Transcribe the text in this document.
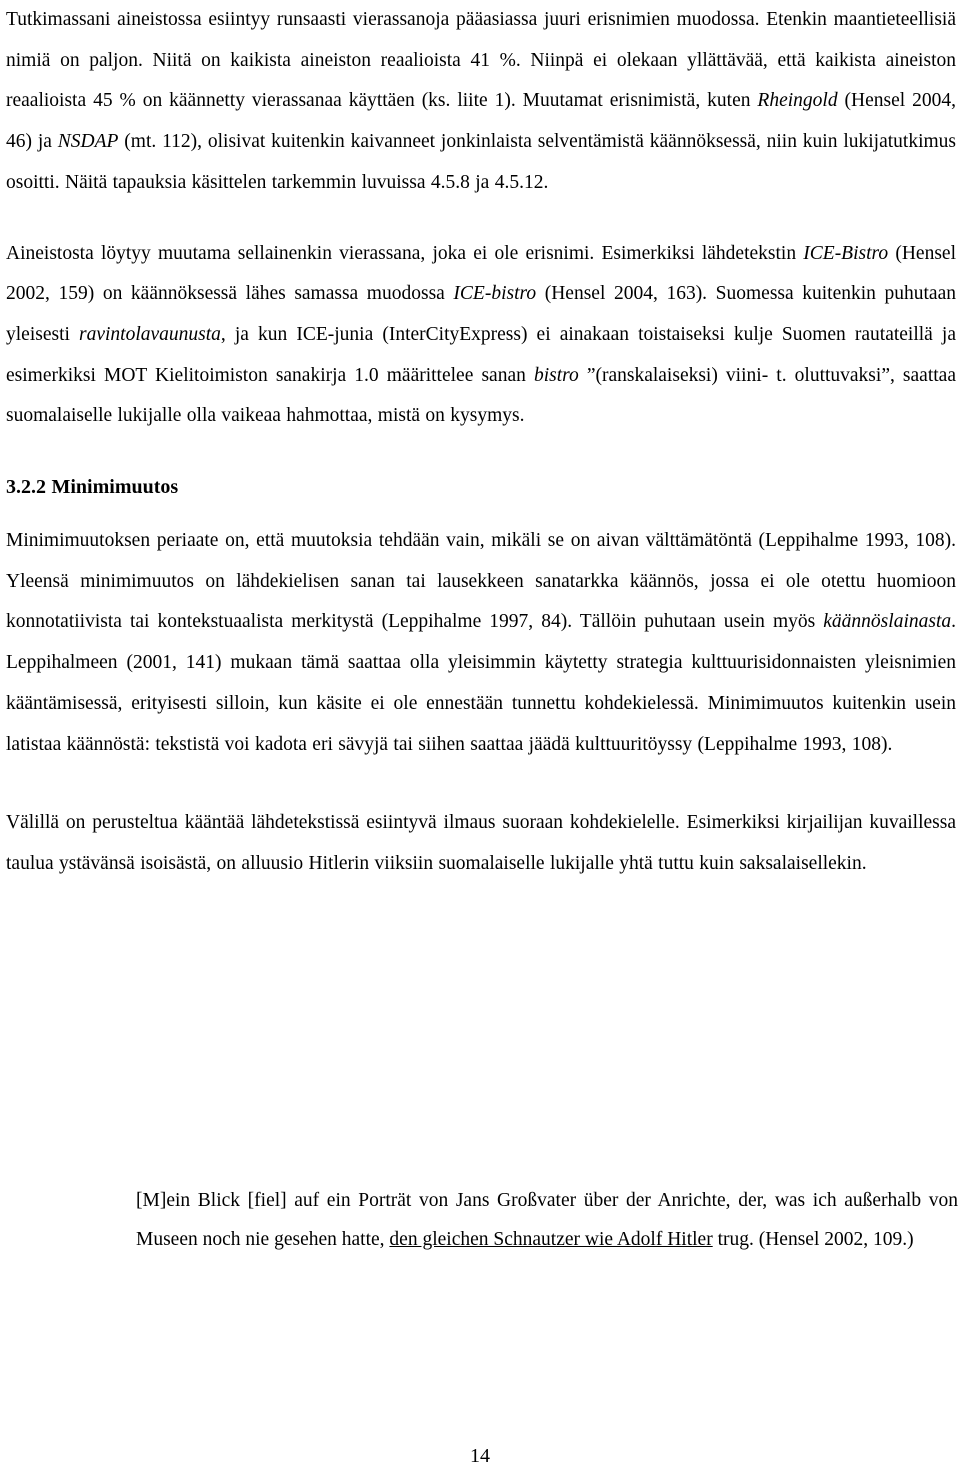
Tutkimassani aineistossa esiintyy runsaasti vierassanoja pääasiassa juuri erisnimien muodossa. Etenkin maantieteellisiä nimiä on paljon. Niitä on kaikista aineiston reaalioista 41 %. Niinpä ei olekaan yllättävää, että kaikista aineiston reaalioista 45 % on käännetty vierassanaa käyttäen (ks. liite 1). Muutamat erisnimistä, kuten Rheingold (Hensel 2004, 46) ja NSDAP (mt. 112), olisivat kuitenkin kaivanneet jonkinlaista selventämistä käännöksessä, niin kuin lukijatutkimus osoitti. Näitä tapauksia käsittelen tarkemmin luvuissa 4.5.8 ja 4.5.12.

Aineistosta löytyy muutama sellainenkin vierassana, joka ei ole erisnimi. Esimerkiksi lähdetekstin ICE-Bistro (Hensel 2002, 159) on käännöksessä lähes samassa muodossa ICE-bistro (Hensel 2004, 163). Suomessa kuitenkin puhutaan yleisesti ravintolavaunusta, ja kun ICE-junia (InterCityExpress) ei ainakaan toistaiseksi kulje Suomen rautateillä ja esimerkiksi MOT Kielitoimiston sanakirja 1.0 määrittelee sanan bistro ”(ranskalaiseksi) viini- t. oluttuvaksi”, saattaa suomalaiselle lukijalle olla vaikeaa hahmottaa, mistä on kysymys.

3.2.2 Minimimuutos

Minimimuutoksen periaate on, että muutoksia tehdään vain, mikäli se on aivan välttämätöntä (Leppihalme 1993, 108). Yleensä minimimuutos on lähdekielisen sanan tai lausekkeen sanatarkka käännös, jossa ei ole otettu huomioon konnotatiivista tai kontekstuaalista merkitystä (Leppihalme 1997, 84). Tällöin puhutaan usein myös käännöslainasta. Leppihalmeen (2001, 141) mukaan tämä saattaa olla yleisimmin käytetty strategia kulttuurisidonnaisten yleisnimien kääntämisessä, erityisesti silloin, kun käsite ei ole ennestään tunnettu kohdekielessä. Minimimuutos kuitenkin usein latistaa käännöstä: tekstistä voi kadota eri sävyjä tai siihen saattaa jäädä kulttuuritöyssy (Leppihalme 1993, 108).

Välillä on perusteltua kääntää lähdetekstissä esiintyvä ilmaus suoraan kohdekielelle. Esimerkiksi kirjailijan kuvaillessa taulua ystävänsä isoisästä, on alluusio Hitlerin viiksiin suomalaiselle lukijalle yhtä tuttu kuin saksalaisellekin.

[M]ein Blick [fiel] auf ein Porträt von Jans Großvater über der Anrichte, der, was ich außerhalb von Museen noch nie gesehen hatte, den gleichen Schnautzer wie Adolf Hitler trug. (Hensel 2002, 109.)

14
